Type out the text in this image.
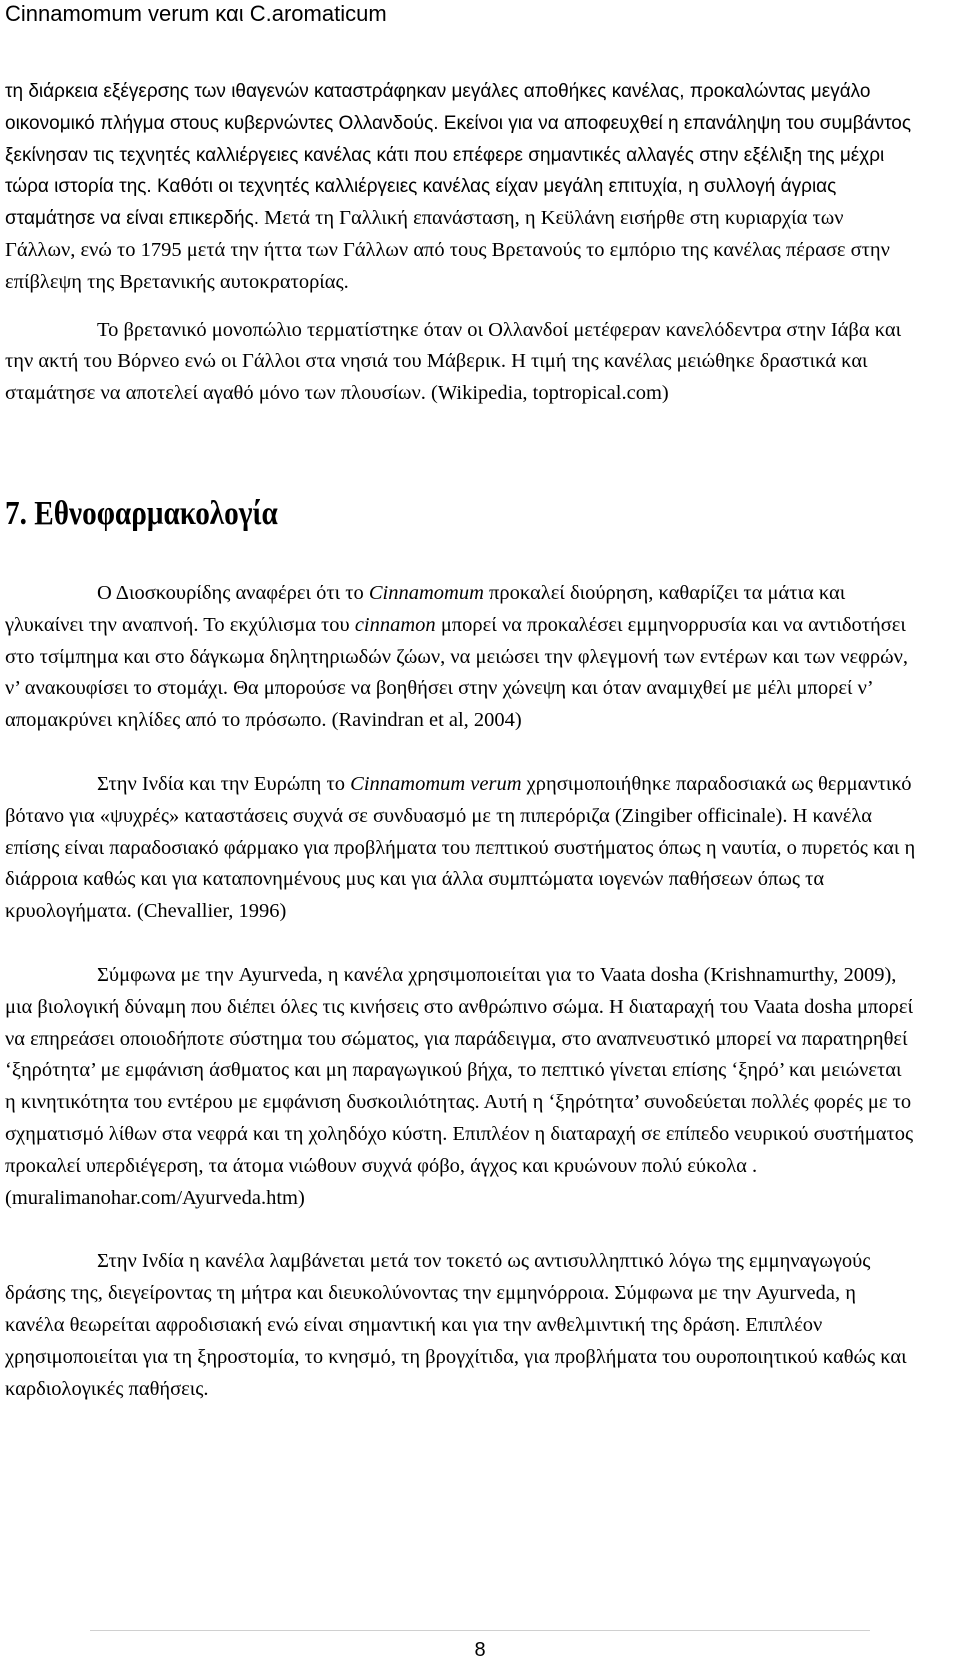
Cinnamomum verum και C.aromaticum

τη διάρκεια εξέγερσης των ιθαγενών καταστράφηκαν μεγάλες αποθήκες κανέλας, προκαλώντας μεγάλο οικονομικό πλήγμα στους κυβερνώντες Ολλανδούς. Εκείνοι για να αποφευχθεί η επανάληψη του συμβάντος ξεκίνησαν τις τεχνητές καλλιέργειες κανέλας κάτι που επέφερε σημαντικές αλλαγές στην εξέλιξη της μέχρι τώρα ιστορία της. Καθότι οι τεχνητές καλλιέργειες κανέλας είχαν μεγάλη επιτυχία, η συλλογή άγριας σταμάτησε να είναι επικερδής. Μετά τη Γαλλική επανάσταση, η Κεϋλάνη εισήρθε στη κυριαρχία των Γάλλων, ενώ το 1795 μετά την ήττα των Γάλλων από τους Βρετανούς το εμπόριο της κανέλας πέρασε στην επίβλεψη της Βρετανικής αυτοκρατορίας.

Το βρετανικό μονοπώλιο τερματίστηκε όταν οι Ολλανδοί μετέφεραν κανελόδεντρα στην Ιάβα και την ακτή του Βόρνεο ενώ οι Γάλλοι στα νησιά του Μάβερικ. Η τιμή της κανέλας μειώθηκε δραστικά και σταμάτησε να αποτελεί αγαθό μόνο των πλουσίων. (Wikipedia, toptropical.com)

7. Εθνοφαρμακολογία

Ο Διοσκουρίδης αναφέρει ότι το Cinnamomum προκαλεί διούρηση, καθαρίζει τα μάτια και γλυκαίνει την αναπνοή. Το εκχύλισμα του cinnamon μπορεί να προκαλέσει εμμηνορρυσία και να αντιδοτήσει στο τσίμπημα και στο δάγκωμα δηλητηριωδών ζώων, να μειώσει την φλεγμονή των εντέρων και των νεφρών, ν’ ανακουφίσει το στομάχι. Θα μπορούσε να βοηθήσει στην χώνεψη και όταν αναμιχθεί με μέλι μπορεί ν’ απομακρύνει κηλίδες από το πρόσωπο. (Ravindran et al, 2004)

Στην Ινδία και την Ευρώπη το Cinnamomum verum χρησιμοποιήθηκε παραδοσιακά ως θερμαντικό βότανο για «ψυχρές» καταστάσεις συχνά σε συνδυασμό με τη πιπερόριζα (Zingiber officinale). Η κανέλα επίσης είναι παραδοσιακό φάρμακο για προβλήματα του πεπτικού συστήματος όπως η ναυτία, ο πυρετός και η διάρροια καθώς και για καταπονημένους μυς και για άλλα συμπτώματα ιογενών παθήσεων όπως τα κρυολογήματα. (Chevallier, 1996)

Σύμφωνα με την Ayurveda, η κανέλα χρησιμοποιείται για το Vaata dosha (Krishnamurthy, 2009), μια βιολογική δύναμη που διέπει όλες τις κινήσεις στο ανθρώπινο σώμα. Η διαταραχή του Vaata dosha μπορεί να επηρεάσει οποιοδήποτε σύστημα του σώματος, για παράδειγμα, στο αναπνευστικό μπορεί να παρατηρηθεί ‘ξηρότητα’ με εμφάνιση άσθματος και μη παραγωγικού βήχα, το πεπτικό γίνεται επίσης ‘ξηρό’ και μειώνεται η κινητικότητα του εντέρου με εμφάνιση δυσκοιλιότητας. Αυτή η ‘ξηρότητα’ συνοδεύεται πολλές φορές με το σχηματισμό λίθων στα νεφρά και τη χοληδόχο κύστη. Επιπλέον η διαταραχή σε επίπεδο νευρικού συστήματος προκαλεί υπερδιέγερση, τα άτομα νιώθουν συχνά φόβο, άγχος και κρυώνουν πολύ εύκολα . (muralimanohar.com/Ayurveda.htm)

Στην Ινδία η κανέλα λαμβάνεται μετά τον τοκετό ως αντισυλληπτικό λόγω της εμμηναγωγούς δράσης της, διεγείροντας τη μήτρα και διευκολύνοντας την εμμηνόρροια. Σύμφωνα με την Ayurveda, η κανέλα θεωρείται αφροδισιακή ενώ είναι σημαντική και για την ανθελμιντική της δράση. Επιπλέον χρησιμοποιείται για τη ξηροστομία, το κνησμό, τη βρογχίτιδα, για προβλήματα του ουροποιητικού καθώς και καρδιολογικές παθήσεις.

8
